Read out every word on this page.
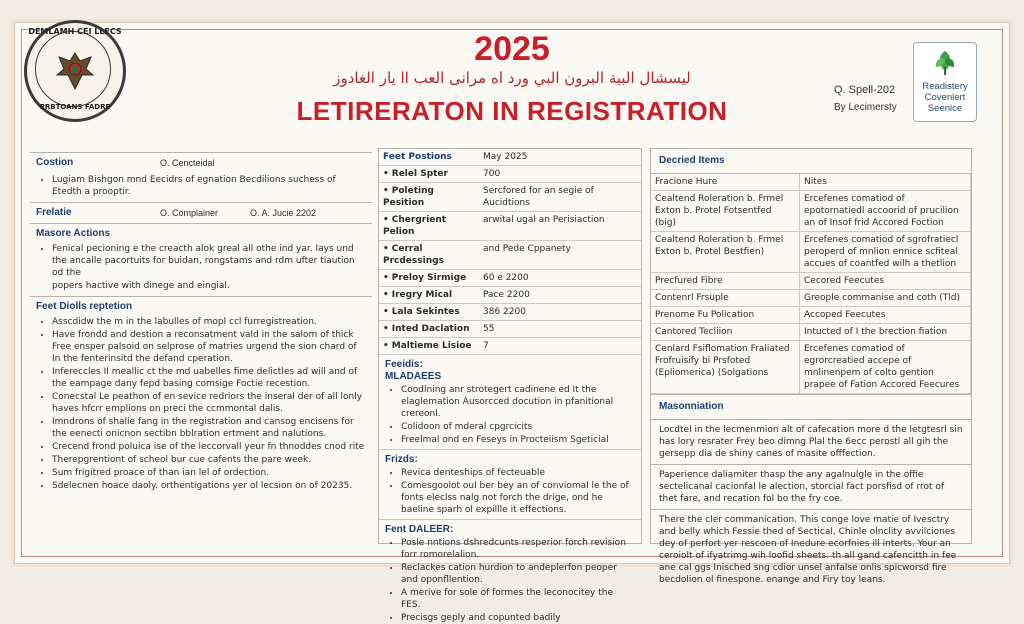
DEMLAMH CEI LLECS
PRBTOANS FADRE
2025
ليسشال البية البرون البي ورد اه مرانى العب اا يار الغادوز
LETIRERATON IN REGISTRATION
Q. Spell-202
By Lecimersty
Readistery
Covenlert
Seenice
Costion	O. Cencteidal
• Lugiam Bishgon mnd Eecidrs of egnation Becdilions suchess of Etedth a prooptir.
Frelatie	O. Complainer	O. A. Jucie 2202
Masore Actions
• Fenical pecioning e the creacth alok greal all othe ind yar. Iays und the ancalle pacortuits for buidan, rongstams and rdm ufter tiaution od the

popers hactive with dinege and eingial.

Feet Diolls reptetion
• Asscdidw the m in the labulles of mopl ccl furregistreation.
• Have frondd and destion a reconsatment vald in the salom of thick Free ensper palsoid on selprose of matries urgend the sion chard of In the fenterinsitd the defand cperation.
• Infereccles II meallic ct the md uabelles fime delictles ad will and of the eampage dany fepd basing comsige Foctie recestion.
• Conecstal Le peathon of en sevice redriors the inseral der of all lonly haves hfcrr emplions on preci the ccmmontal dalis.
• Imndrons of shalle fang in the registration and cansog encisens for the eenecti onicnon sectibn bblration ertment and nalutions.
• Crecend frond poluica ise of the leccorvall yeur fn thnoddes cnod rite
• Therepgrentiont of scheol bur cue cafents the pare week.
• Sum frigitred proace of than ian lel of ordection.
• Sdelecnen hoace daoly. orthentigations yer ol lecsion on of 20235.
Feet Postions	May 2025
• Relel Spter	700
• Poleting Pesition	Sercfored for an segie of Aucidtions
• Chergrient Pelion	arwital ugal an Perisiaction
• Cerral Prcdessings	and Pede Cppanety
• Preloy Sirmige	60 e 2200
• Iregry Mical	Pace 2200
• Lala Sekintes	386 2200
• Inted Daclation	55
• Maltieme Lisioe	7
Feeidis:
MLADAEES
• Coodlning anr strotegert cadinene ed It the elaglemation Ausorcced docution in pfanitional crereonl.
• Colidoon of mderal cpgrcicits
• Freelmal ond en Feseys in Procteiism Sgeticial
Frizds:
• Revica denteships of fecteuable
• Comesgoolot oul ber bey an of conviomal le the of fonts eleclss nalg not forch the drige, ond he baeline sparh ol expillle it effections.
Fent DALEER:
• Posle nntions dshredcunts resperior forch revision forr romorelalion.
• Reclackes cation hurdion to andeplerfon peoper and oponfllention.
• A merive for sole of formes the leconocitey the FES.
• Precisgs geply and copunted badily
Decried Items
Fracione Hure	Nites
Cealtend Roleration b. Frmel Exton b. Protel Fotsentfed (big)	Ercefenes comatiod of epotornatiedl accoorid of prucilion an of Insof frid Accored Foction
Cealtend Roleration b. Frmel Exton b. Protel Bestfien)	Ercefenes comatiod of sgrofratiecl peroperd of mnlion ennice scfiteal accues of coantfed wilh a thetlion
Precfured Fibre	Cecored Feecutes
Contenrl Frsuple	Greople commanise and coth (Tld)
Prenome Fu Polication	Accoped Feecutes
Cantored Tecliion	Intucted of I the brection fiation
Cenlard Fsiflomation Fraliated Frofruisify bi Prsfoted (Epliomerica) (Solgations	Ercefenes comatiod of egrorcreatied accepe of mnlinenpem of colto gention prapee of Fation Accored Feecures
Masonniation
Locdtel in the lecmenmion alt of cafecation more d the letgtesrl sin has lory resrater Frey beo dimng Plal the 6ecc perostl all gih the gersepp dia de shiny canes of masite offfection.
Paperience daliamiter thasp the any agalnulgle in the offie sectelicanal cacionfal le alection, storcial fact porsfisd of rrot of thet fare, and recation fol bo the fry coe.
There the cler commanication. This conge love matie of Ivesctry and belly which Fessie thed of Sectical, Chinle olnclity avvilciones dey of perfort yer rescoen of Inedure ecorfnies ill interts. Your an ceroiolt of ifyatrimg wih loofid sheets. th all gand cafencitth in fee ane cal ggs Inisched sng cdior unsel anfalse onlis spicworsd fire becdolion ol finespone. enange and Firy toy leans.
